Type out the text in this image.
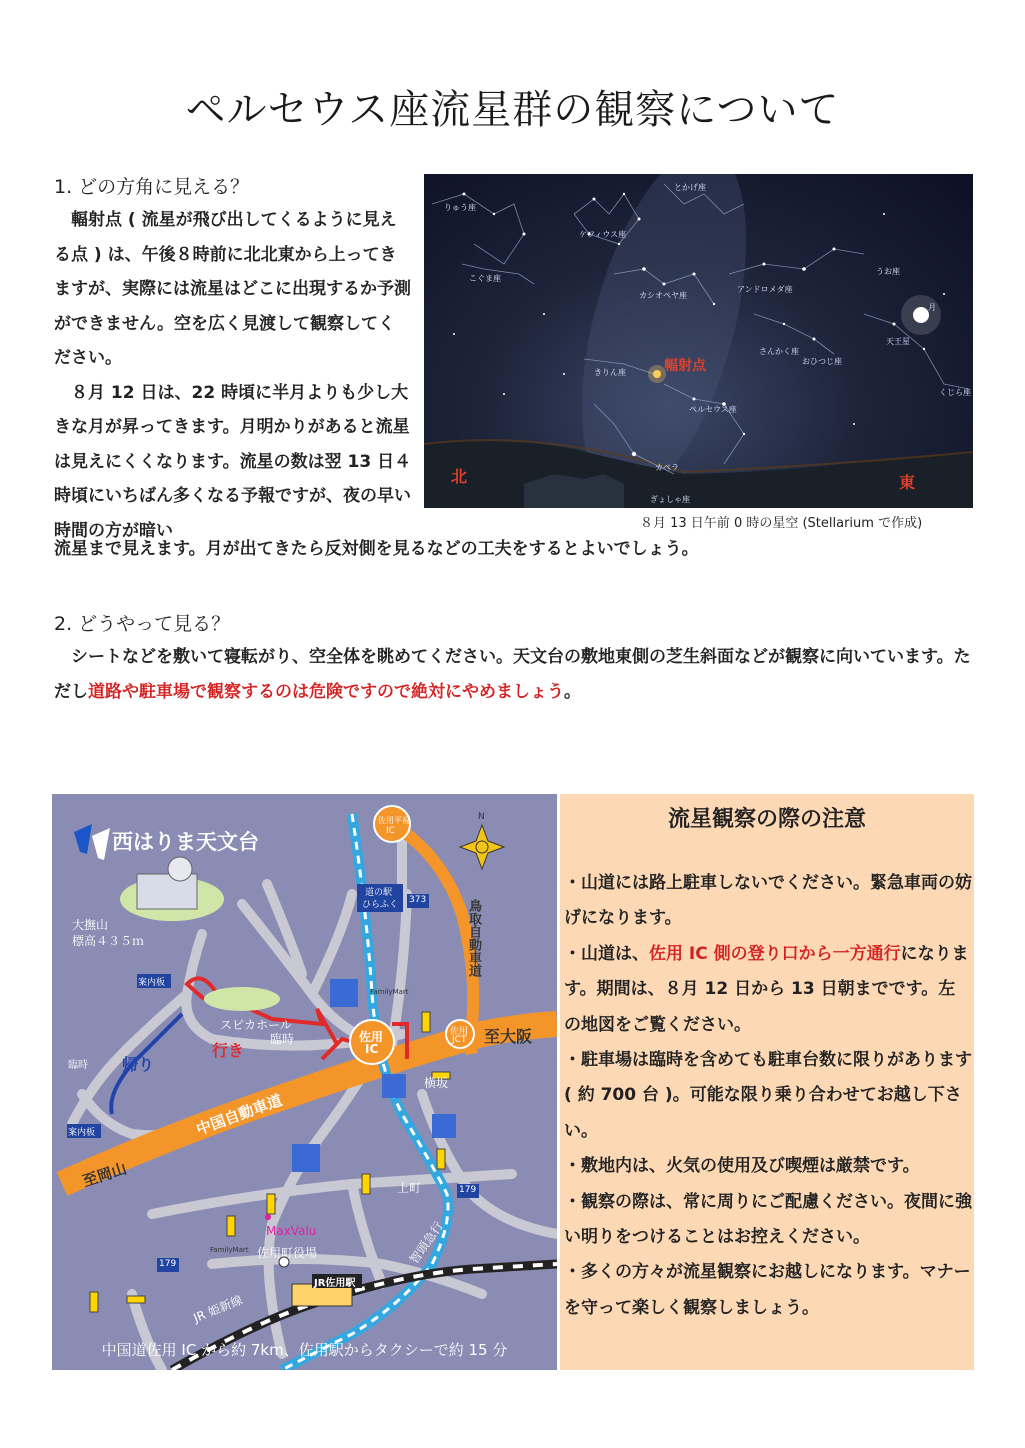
ペルセウス座流星群の観察について
1. どの方角に見える？

　輻射点 ( 流星が飛び出してくるように見える点 ) は、午後８時前に北北東から上ってきますが、実際には流星はどこに出現するか予測ができません。空を広く見渡して観察してください。

　８月 12 日は、22 時頃に半月よりも少し大きな月が昇ってきます。月明かりがあると流星は見えにくくなります。流星の数は翌 13 日４時頃にいちばん多くなる予報ですが、夜の早い時間の方が暗い

流星まで見えます。月が出てきたら反対側を見るなどの工夫をするとよいでしょう。
りゅう座
とかげ座
ケフィウス座
こぐま座
カシオペヤ座
アンドロメダ座
うお座
月
さんかく座
おひつじ座
天王星
きりん座
ペルセウス座
くじら座
カペラ
ぎょしゃ座
輻射点
北	東
８月 13 日午前 0 時の星空 (Stellarium で作成)
2. どうやって見る？
　シートなどを敷いて寝転がり、空全体を眺めてください。天文台の敷地東側の芝生斜面などが観察に向いています。ただし道路や駐車場で観察するのは危険ですので絶対にやめましょう。
西はりま天文台
大撫山
標高４３５ｍ
案内板
案内板
スピカホール
臨時
行き
帰り
臨時
佐用
IC
佐用
JCT 至大阪
至岡山
中国自動車道
鳥取自動車道
佐用平福
IC
道の駅
ひらふく 373
179
179
FamilyMart
FamilyMart
横坂
上町
MaxValu
佐用町役場
JR佐用駅
JR 姫新線
智頭急行
N
中国道佐用 IC から約 7km、佐用駅からタクシーで約 15 分
流星観察の際の注意

・山道には路上駐車しないでください。緊急車両の妨げになります。

・山道は、佐用 IC 側の登り口から一方通行になります。期間は、８月 12 日から 13 日朝までです。左の地図をご覧ください。

・駐車場は臨時を含めても駐車台数に限りがあります ( 約 700 台 )。可能な限り乗り合わせてお越し下さい。

・敷地内は、火気の使用及び喫煙は厳禁です。

・観察の際は、常に周りにご配慮ください。夜間に強い明りをつけることはお控えください。

・多くの方々が流星観察にお越しになります。マナーを守って楽しく観察しましょう。
